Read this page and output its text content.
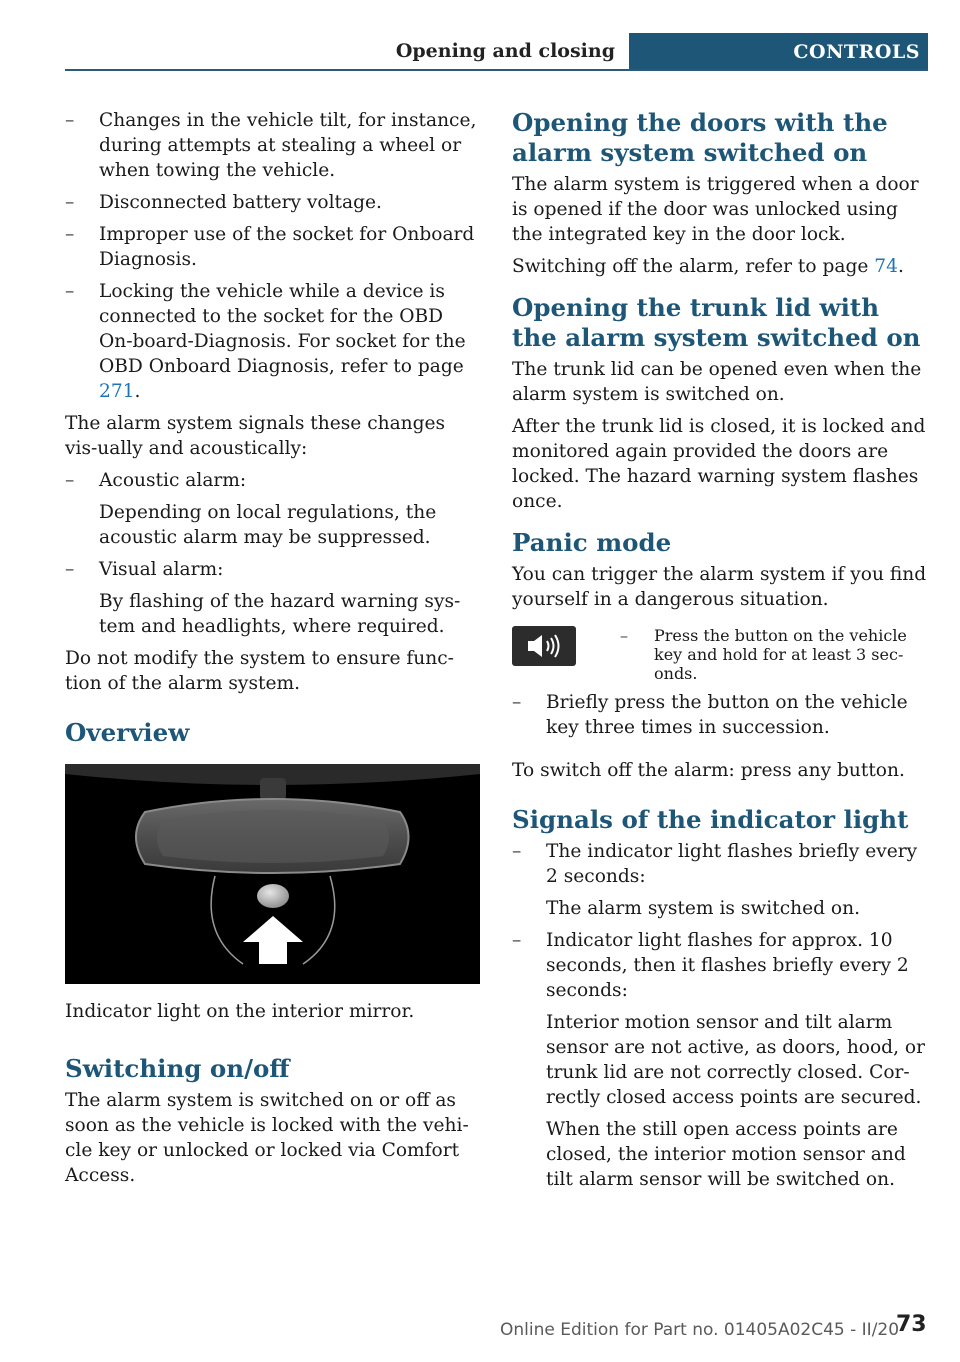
Opening and closing	CONTROLS
– Changes in the vehicle tilt, for instance, during attempts at stealing a wheel or when towing the vehicle.
– Disconnected battery voltage.
– Improper use of the socket for Onboard Diagnosis.
– Locking the vehicle while a device is connected to the socket for the OBD On-board-Diagnosis. For socket for the OBD Onboard Diagnosis, refer to page 271.

The alarm system signals these changes vis-ually and acoustically:

– Acoustic alarm:
Depending on local regulations, the acoustic alarm may be suppressed.
– Visual alarm:
By flashing of the hazard warning sys-tem and headlights, where required.

Do not modify the system to ensure func-tion of the alarm system.

Overview

Indicator light on the interior mirror.

Switching on/off

The alarm system is switched on or off as soon as the vehicle is locked with the vehi-cle key or unlocked or locked via Comfort Access.

Opening the doors with the alarm system switched on

The alarm system is triggered when a door is opened if the door was unlocked using the integrated key in the door lock.

Switching off the alarm, refer to page 74.

Opening the trunk lid with the alarm system switched on

The trunk lid can be opened even when the alarm system is switched on.

After the trunk lid is closed, it is locked and monitored again provided the doors are locked. The hazard warning system flashes once.

Panic mode

You can trigger the alarm system if you find yourself in a dangerous situation.

– Press the button on the vehicle key and hold for at least 3 sec-onds.
– Briefly press the button on the vehicle key three times in succession.

To switch off the alarm: press any button.

Signals of the indicator light
– The indicator light flashes briefly every 2 seconds:
The alarm system is switched on.
– Indicator light flashes for approx. 10 seconds, then it flashes briefly every 2 seconds:
Interior motion sensor and tilt alarm sensor are not active, as doors, hood, or trunk lid are not correctly closed. Cor-rectly closed access points are secured.
When the still open access points are closed, the interior motion sensor and tilt alarm sensor will be switched on.
Online Edition for Part no. 01405A02C45 - II/20
73
